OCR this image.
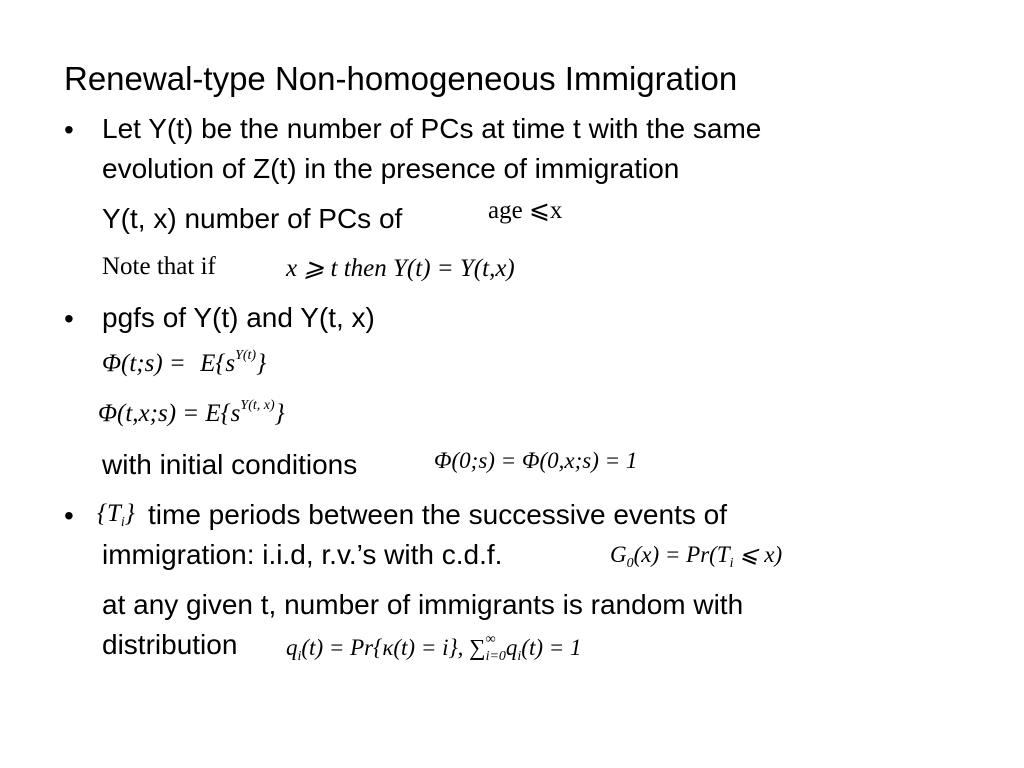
Renewal-type Non-homogeneous Immigration
• Let Y(t) be the number of PCs at time t with the same
evolution of Z(t) in the presence of immigration
Y(t, x) number of PCs of	age ⩽x
Note that if	x ⩾ t then Y(t) = Y(t,x)
• pgfs of Y(t) and Y(t, x)
Φ(t;s) = $E\{s^{Y(t)}\}$
Φ(t,x;s) = $E\{s^{Y(t, x)}\}$
with initial conditions	Φ(0;s) = Φ(0,x;s) = 1
• $\{T_i\}$ time periods between the successive events of
immigration: i.i.d, r.v.’s with c.d.f.	$G_0(x) = Pr(T_i$ ⩽ x)
at any given t, number of immigrants is random with
distribution $q_i(t) = Pr\{\kappa(t) = i\}$, $\sum^\infty_{i=0}q_i(t) = 1$
